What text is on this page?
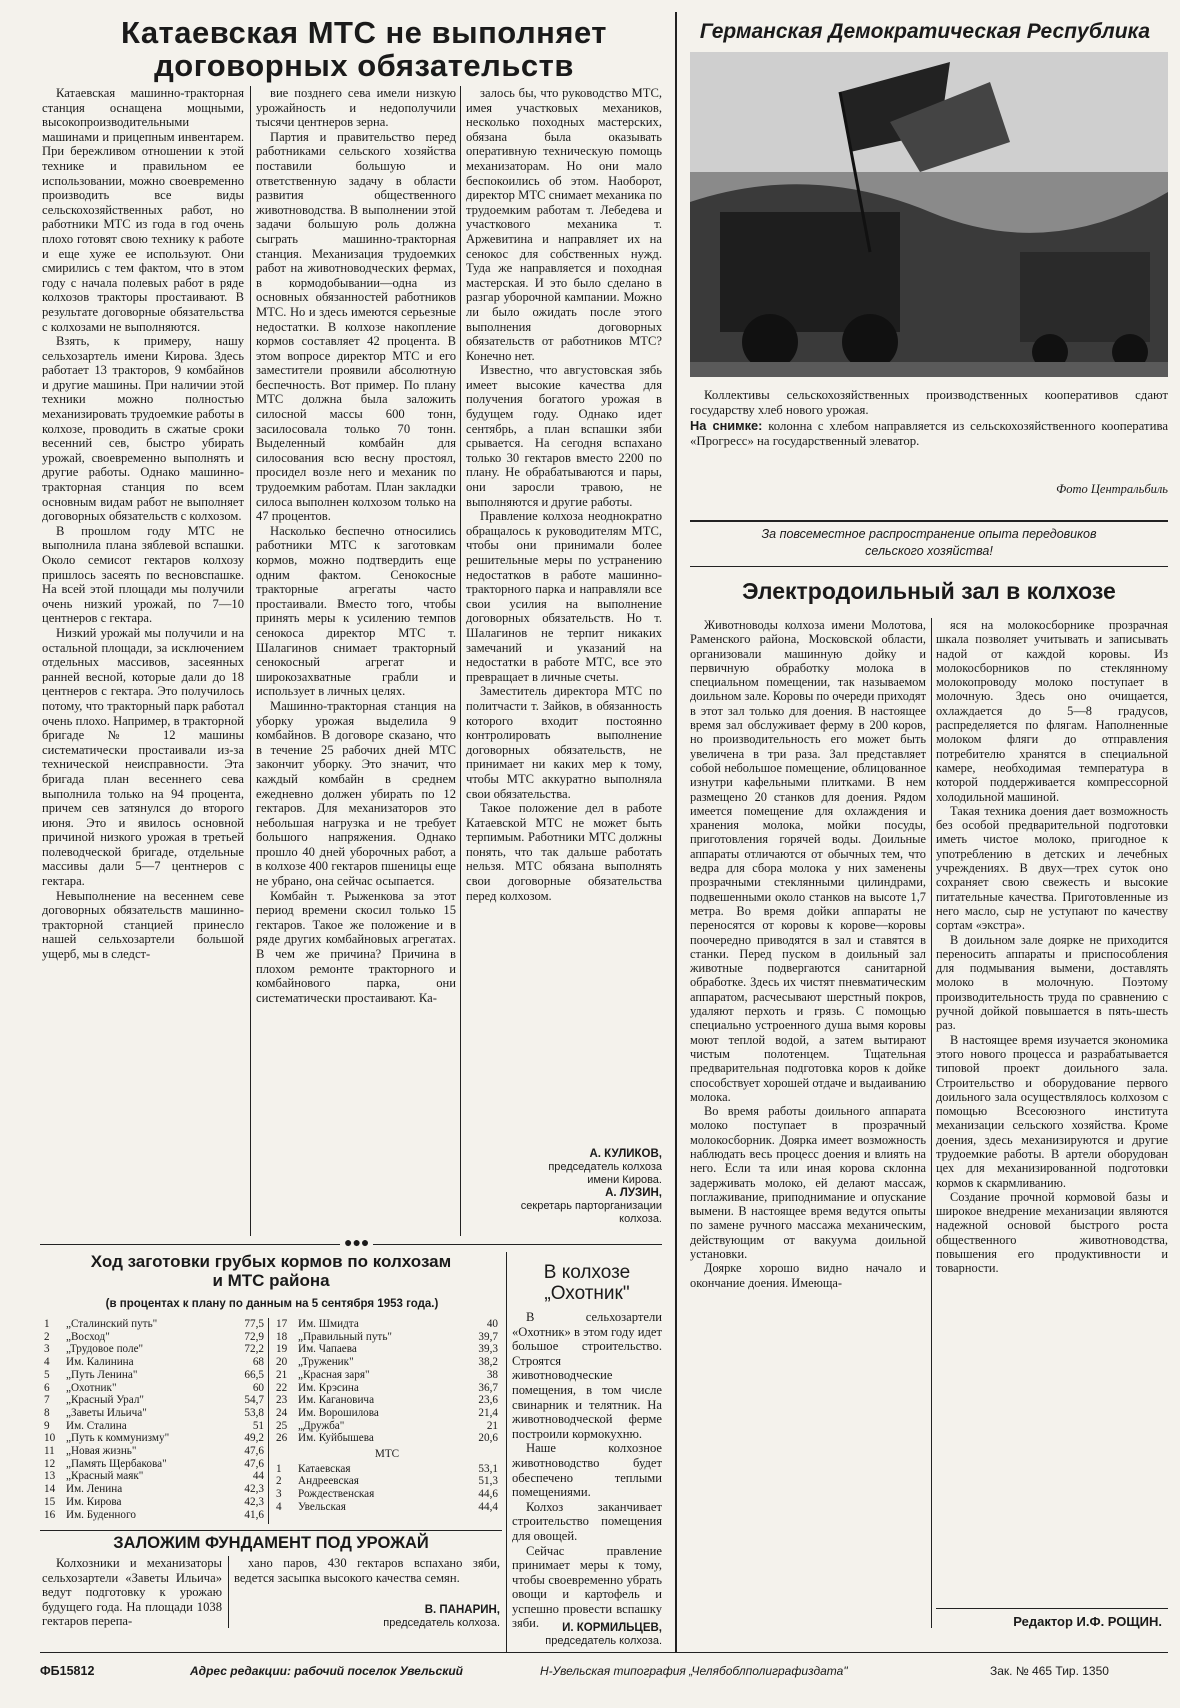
Катаевская МТС не выполняет
договорных обязательств

Катаевская машинно-тракторная станция оснащена мощными, высокопроизводительными машинами и прицепным инвентарем. При бережливом отношении к этой технике и правильном ее использовании, можно своевременно производить все виды сельскохозяйственных работ, но работники МТС из года в год очень плохо готовят свою технику к работе и еще хуже ее используют. Они смирились с тем фактом, что в этом году с начала полевых работ в ряде колхозов тракторы простаивают. В результате договорные обязательства с колхозами не выполняются.

Взять, к примеру, нашу сельхозартель имени Кирова. Здесь работает 13 тракторов, 9 комбайнов и другие машины. При наличии этой техники можно полностью механизировать трудоемкие работы в колхозе, проводить в сжатые сроки весенний сев, быстро убирать урожай, своевременно выполнять и другие работы. Однако машинно-тракторная станция по всем основным видам работ не выполняет договорных обязательств с колхозом.

В прошлом году МТС не выполнила плана зяблевой вспашки. Около семисот гектаров колхозу пришлось засеять по весновспашке. На всей этой площади мы получили очень низкий урожай, по 7—10 центнеров с гектара.

Низкий урожай мы получили и на остальной площади, за исключением отдельных массивов, засеянных ранней весной, которые дали до 18 центнеров с гектара. Это получилось потому, что тракторный парк работал очень плохо. Например, в тракторной бригаде № 12 машины систематически простаивали из-за технической неисправности. Эта бригада план весеннего сева выполнила только на 94 процента, причем сев затянулся до второго июня. Это и явилось основной причиной низкого урожая в третьей полеводческой бригаде, отдельные массивы дали 5—7 центнеров с гектара.

Невыполнение на весеннем севе договорных обязательств машинно-тракторной станцией принесло нашей сельхозартели большой ущерб, мы в следст-

вие позднего сева имели низкую урожайность и недополучили тысячи центнеров зерна.

Партия и правительство перед работниками сельского хозяйства поставили большую и ответственную задачу в области развития общественного животноводства. В выполнении этой задачи большую роль должна сыграть машинно-тракторная станция. Механизация трудоемких работ на животноводческих фермах, в кормодобывании—одна из основных обязанностей работников МТС. Но и здесь имеются серьезные недостатки. В колхозе накопление кормов составляет 42 процента. В этом вопросе директор МТС и его заместители проявили абсолютную беспечность. Вот пример. По плану МТС должна была заложить силосной массы 600 тонн, засилосовала только 70 тонн. Выделенный комбайн для силосования всю весну простоял, просидел возле него и механик по трудоемким работам. План закладки силоса выполнен колхозом только на 47 процентов.

Насколько беспечно относились работники МТС к заготовкам кормов, можно подтвердить еще одним фактом. Сенокосные тракторные агрегаты часто простаивали. Вместо того, чтобы принять меры к усилению темпов сенокоса директор МТС т. Шалагинов снимает тракторный сенокосный агрегат и широкозахватные грабли и использует в личных целях.

Машинно-тракторная станция на уборку урожая выделила 9 комбайнов. В договоре сказано, что в течение 25 рабочих дней МТС закончит уборку. Это значит, что каждый комбайн в среднем ежедневно должен убирать по 12 гектаров. Для механизаторов это небольшая нагрузка и не требует большого напряжения. Однако прошло 40 дней уборочных работ, а в колхозе 400 гектаров пшеницы еще не убрано, она сейчас осыпается.

Комбайн т. Рыженкова за этот период времени скосил только 15 гектаров. Такое же положение и в ряде других комбайновых агрегатах. В чем же причина? Причина в плохом ремонте тракторного и комбайнового парка, они систематически простаивают. Ка-

залось бы, что руководство МТС, имея участковых механиков, несколько походных мастерских, обязана была оказывать оперативную техническую помощь механизаторам. Но они мало беспокоились об этом. Наоборот, директор МТС снимает механика по трудоемким работам т. Лебедева и участкового механика т. Аржевитина и направляет их на сенокос для собственных нужд. Туда же направляется и походная мастерская. И это было сделано в разгар уборочной кампании. Можно ли было ожидать после этого выполнения договорных обязательств от работников МТС? Конечно нет.

Известно, что августовская зябь имеет высокие качества для получения богатого урожая в будущем году. Однако идет сентябрь, а план вспашки зяби срывается. На сегодня вспахано только 30 гектаров вместо 2200 по плану. Не обрабатываются и пары, они заросли травою, не выполняются и другие работы.

Правление колхоза неоднократно обращалось к руководителям МТС, чтобы они принимали более решительные меры по устранению недостатков в работе машинно-тракторного парка и направляли все свои усилия на выполнение договорных обязательств. Но т. Шалагинов не терпит никаких замечаний и указаний на недостатки в работе МТС, все это превращает в личные счеты.

Заместитель директора МТС по политчасти т. Зайков, в обязанность которого входит постоянно контролировать выполнение договорных обязательств, не принимает ни каких мер к тому, чтобы МТС аккуратно выполняла свои обязательства.

Такое положение дел в работе Катаевской МТС не может быть терпимым. Работники МТС должны понять, что так дальше работать нельзя. МТС обязана выполнять свои договорные обязательства перед колхозом.

А. КУЛИКОВ,
председатель колхоза
имени Кирова.
А. ЛУЗИН,
секретарь парторганизации
колхоза.
Германская Демократическая Республика

Коллективы сельскохозяйственных производственных кооперативов сдают государству хлеб нового урожая.

На снимке: колонна с хлебом направляется из сельскохозяйственного кооператива «Прогресс» на государственный элеватор.

Фото Центральбиль
За повсеместное распространение опыта передовиков
сельского хозяйства!
Электродоильный зал в колхозе

Животноводы колхоза имени Молотова, Раменского района, Московской области, организовали машинную дойку и первичную обработку молока в специальном помещении, так называемом доильном зале. Коровы по очереди приходят в этот зал только для доения. В настоящее время зал обслуживает ферму в 200 коров, но производительность его может быть увеличена в три раза. Зал представляет собой небольшое помещение, облицованное изнутри кафельными плитками. В нем размещено 20 станков для доения. Рядом имеется помещение для охлаждения и хранения молока, мойки посуды, приготовления горячей воды. Доильные аппараты отличаются от обычных тем, что ведра для сбора молока у них заменены прозрачными стеклянными цилиндрами, подвешенными около станков на высоте 1,7 метра. Во время дойки аппараты не переносятся от коровы к корове—коровы поочередно приводятся в зал и ставятся в станки. Перед пуском в доильный зал животные подвергаются санитарной обработке. Здесь их чистят пневматическим аппаратом, расчесывают шерстный покров, удаляют перхоть и грязь. С помощью специально устроенного душа вымя коровы моют теплой водой, а затем вытирают чистым полотенцем. Тщательная предварительная подготовка коров к дойке способствует хорошей отдаче и выдаиванию молока.

Во время работы доильного аппарата молоко поступает в прозрачный молокосборник. Доярка имеет возможность наблюдать весь процесс доения и влиять на него. Если та или иная корова склонна задерживать молоко, ей делают массаж, поглаживание, приподнимание и опускание вымени. В настоящее время ведутся опыты по замене ручного массажа механическим, действующим от вакуума доильной установки.

Доярке хорошо видно начало и окончание доения. Имеюща-

яся на молокосборнике прозрачная шкала позволяет учитывать и записывать надой от каждой коровы. Из молокосборников по стеклянному молокопроводу молоко поступает в молочную. Здесь оно очищается, охлаждается до 5—8 градусов, распределяется по флягам. Наполненные молоком фляги до отправления потребителю хранятся в специальной камере, необходимая температура в которой поддерживается компрессорной холодильной машиной.

Такая техника доения дает возможность без особой предварительной подготовки иметь чистое молоко, пригодное к употреблению в детских и лечебных учреждениях. В двух—трех суток оно сохраняет свою свежесть и высокие питательные качества. Приготовленные из него масло, сыр не уступают по качеству сортам «экстра».

В доильном зале доярке не приходится переносить аппараты и приспособления для подмывания вымени, доставлять молоко в молочную. Поэтому производительность труда по сравнению с ручной дойкой повышается в пять-шесть раз.

В настоящее время изучается экономика этого нового процесса и разрабатывается типовой проект доильного зала. Строительство и оборудование первого доильного зала осуществлялось колхозом с помощью Всесоюзного института механизации сельского хозяйства. Кроме доения, здесь механизируются и другие трудоемкие работы. В артели оборудован цех для механизированной подготовки кормов к скармливанию.

Создание прочной кормовой базы и широкое внедрение механизации являются надежной основой быстрого роста общественного животноводства, повышения его продуктивности и товарности.

Редактор И.Ф. РОЩИН.
●●●
Ход заготовки грубых кормов по колхозам
и МТС района
(в процентах к плану по данным на 5 сентября 1953 года.)
1	„Сталинский путь"	77,5
2	„Восход"	72,9
3	„Трудовое поле"	72,2
4	Им. Калинина	68
5	„Путь Ленина"	66,5
6	„Охотник"	60
7	„Красный Урал"	54,7
8	„Заветы Ильича"	53,8
9	Им. Сталина	51
10 „Путь к коммунизму"	49,2
11	„Новая жизнь"	47,6
12 „Память Щербакова"	47,6
13 „Красный маяк"	44
14 Им. Ленина	42,3
15 Им. Кирова	42,3
16 Им. Буденного	41,6
17 Им. Шмидта	40
18 „Правильный путь"	39,7
19 Им. Чапаева	39,3
20 „Труженик"	38,2
21 „Красная заря"	38
22 Им. Крэсина	36,7
23 Им. Кагановича	23,6
24 Им. Ворошилова	21,4
25 „Дружба"	21
26 Им. Куйбышева	20,6
МТС
1	Катаевская	53,1
2	Андреевская	51,3
3	Рождественская	44,6
4	Увельская	44,4
ЗАЛОЖИМ ФУНДАМЕНТ ПОД УРОЖАЙ

Колхозники и механизаторы сельхозартели «Заветы Ильича» ведут подготовку к урожаю будущего года. На площади 1038 гектаров перепа-

хано паров, 430 гектаров вспахано зяби, ведется засыпка высокого качества семян.

В. ПАНАРИН,
председатель колхоза.
В колхозе
„Охотник"

В сельхозартели «Охотник» в этом году идет большое строительство. Строятся животноводческие помещения, в том числе свинарник и телятник. На животноводческой ферме построили кормокухню.

Наше колхозное животноводство будет обеспечено теплыми помещениями.

Колхоз заканчивает строительство помещения для овощей.

Сейчас правление принимает меры к тому, чтобы своевременно убрать овощи и картофель и успешно провести вспашку зяби.	И. КОРМИЛЬЦЕВ,
председатель колхоза.
ФБ15812	Адрес редакции: рабочий поселок Увельский	Н-Увельская типография „Челябоблполиграфиздата"	Зак. № 465 Тир. 1350
